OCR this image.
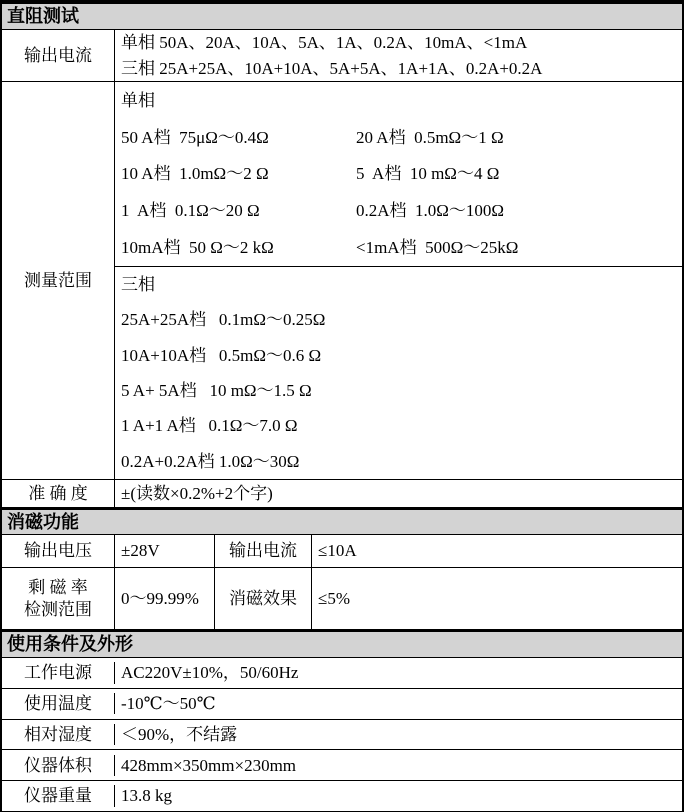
直阻测试
输出电流
单相 50A、20A、10A、5A、1A、0.2A、10mA、<1mA
三相 25A+25A、10A+10A、5A+5A、1A+1A、0.2A+0.2A
测量范围
单相
50 A档  75μΩ～0.4Ω	20 A档  0.5mΩ～1 Ω
10 A档  1.0mΩ～2 Ω	5  A档  10 mΩ～4 Ω
1  A档  0.1Ω～20 Ω	0.2A档  1.0Ω～100Ω
10mA档  50 Ω～2 kΩ	<1mA档  500Ω～25kΩ
三相
25A+25A档   0.1mΩ～0.25Ω
10A+10A档   0.5mΩ～0.6 Ω
5 A+ 5A档   10 mΩ～1.5 Ω
1 A+1 A档   0.1Ω～7.0 Ω
0.2A+0.2A档 1.0Ω～30Ω
准 确 度 ±(读数×0.2%+2个字)
消磁功能
输出电压 ±28V	输出电流 ≤10A
剩 磁 率
检测范围
0～99.99% 消磁效果 ≤5%
使用条件及外形
工作电源 AC220V±10%，50/60Hz
使用温度 -10℃～50℃
相对湿度 ＜90%，不结露
仪器体积 428mm×350mm×230mm
仪器重量 13.8 kg
